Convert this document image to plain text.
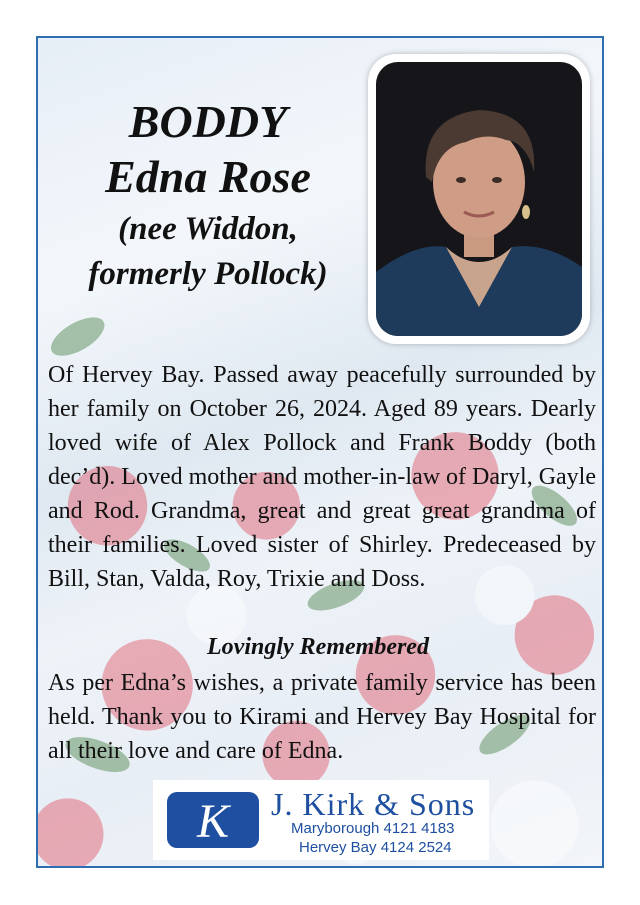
BODDY
Edna Rose
(nee Widdon,
formerly Pollock)
Of Hervey Bay. Passed away peacefully surrounded by her family on October 26, 2024. Aged 89 years. Dearly loved wife of Alex Pollock and Frank Boddy (both dec’d). Loved mother and mother-in-law of Daryl, Gayle and Rod. Grandma, great and great great grandma of their families. Loved sister of Shirley. Predeceased by Bill, Stan, Valda, Roy, Trixie and Doss.
Lovingly Remembered
As per Edna’s wishes, a private family service has been held. Thank you to Kirami and Hervey Bay Hospital for all their love and care of Edna.
K J. Kirk & Sons
Maryborough 4121 4183
Hervey Bay 4124 2524
